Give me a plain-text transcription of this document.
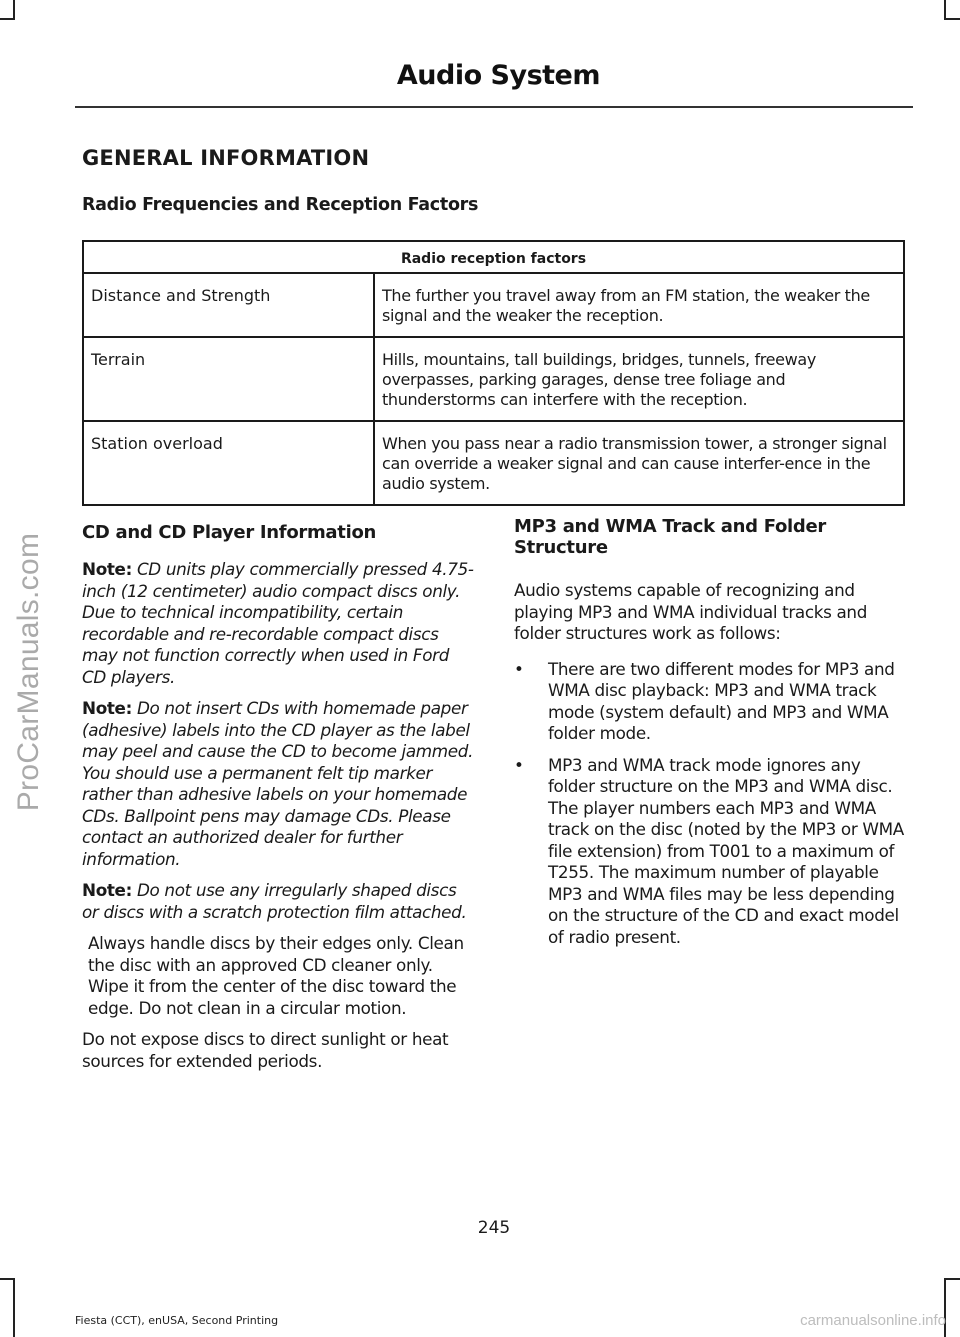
ProCarManuals.com
Audio System
GENERAL INFORMATION
Radio Frequencies and Reception Factors
Radio reception factors	
Distance and Strength	The further you travel away from an FM station, the weaker the signal and the weaker the reception.
Terrain	Hills, mountains, tall buildings, bridges, tunnels, freeway overpasses, parking garages, dense tree foliage and thunderstorms can interfere with the reception.
Station overload	When you pass near a radio transmission tower, a stronger signal can override a weaker signal and can cause interfer-ence in the audio system.
CD and CD Player Information

Note: CD units play commercially pressed 4.75-inch (12 centimeter) audio compact discs only. Due to technical incompatibility, certain recordable and re-recordable compact discs may not function correctly when used in Ford CD players.

Note: Do not insert CDs with homemade paper (adhesive) labels into the CD player as the label may peel and cause the CD to become jammed. You should use a permanent felt tip marker rather than adhesive labels on your homemade CDs. Ballpoint pens may damage CDs. Please contact an authorized dealer for further information.

Note: Do not use any irregularly shaped discs or discs with a scratch protection film attached.

Always handle discs by their edges only. Clean the disc with an approved CD cleaner only. Wipe it from the center of the disc toward the edge. Do not clean in a circular motion.

Do not expose discs to direct sunlight or heat sources for extended periods.

MP3 and WMA Track and Folder Structure

Audio systems capable of recognizing and playing MP3 and WMA individual tracks and folder structures work as follows:

•	There are two different modes for MP3 and WMA disc playback: MP3 and WMA track mode (system default) and MP3 and WMA folder mode.
•	MP3 and WMA track mode ignores any folder structure on the MP3 and WMA disc. The player numbers each MP3 and WMA track on the disc (noted by the MP3 or WMA file extension) from T001 to a maximum of T255. The maximum number of playable MP3 and WMA files may be less depending on the structure of the CD and exact model of radio present.
245
Fiesta (CCT), enUSA, Second Printing	carmanualsonline.info
